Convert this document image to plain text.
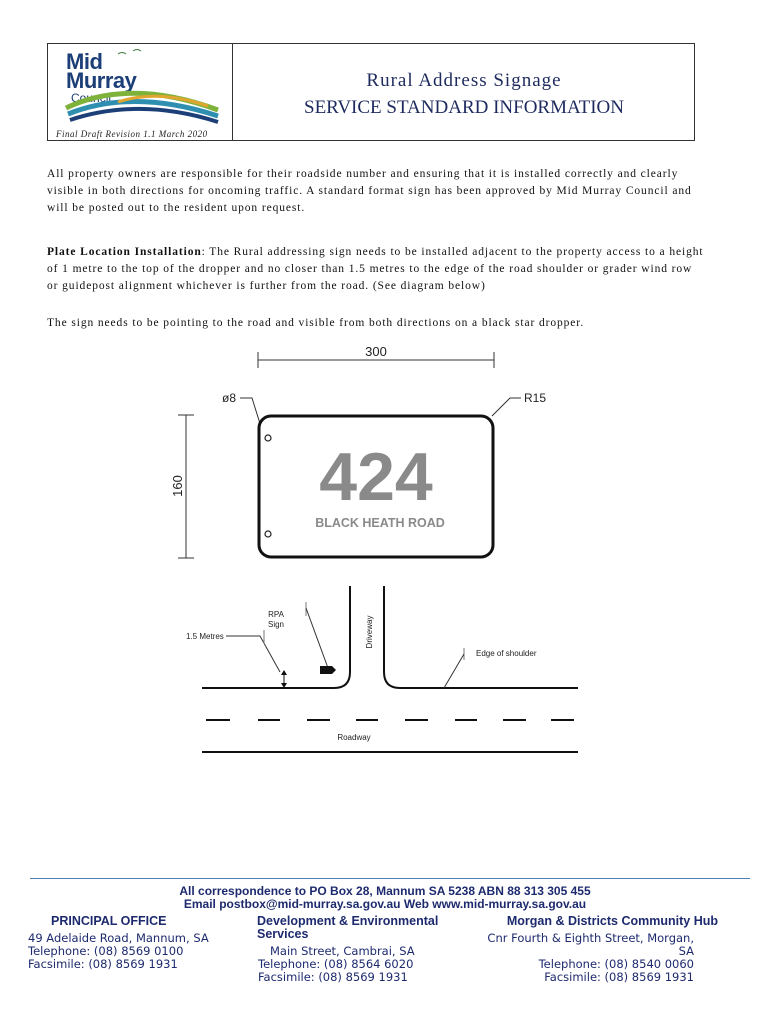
Mid
Murray
Council
Final Draft Revision 1.1 March 2020
Rural Address Signage
SERVICE STANDARD INFORMATION
All property owners are responsible for their roadside number and ensuring that it is installed correctly and clearly visible in both directions for oncoming traffic. A standard format sign has been approved by Mid Murray Council and will be posted out to the resident upon request.
Plate Location Installation: The Rural addressing sign needs to be installed adjacent to the property access to a height of 1 metre to the top of the dropper and no closer than 1.5 metres to the edge of the road shoulder or grader wind row or guidepost alignment whichever is further from the road. (See diagram below)
The sign needs to be pointing to the road and visible from both directions on a black star dropper.
300
160
ø8	R15
424
BLACK HEATH ROAD
Driveway
Roadway
RPA
Sign
1.5 Metres
Edge of shoulder
All correspondence to PO Box 28, Mannum SA 5238 ABN 88 313 305 455
Email postbox@mid-murray.sa.gov.au Web www.mid-murray.sa.gov.au
PRINCIPAL OFFICE
49 Adelaide Road, Mannum, SA
Telephone: (08) 8569 0100
Facsimile: (08) 8569 1931
Development & Environmental Services
Main Street, Cambrai, SA
Telephone: (08) 8564 6020
Facsimile: (08) 8569 1931
Morgan & Districts Community Hub
Cnr Fourth & Eighth Street, Morgan, SA
Telephone: (08) 8540 0060
Facsimile: (08) 8569 1931
